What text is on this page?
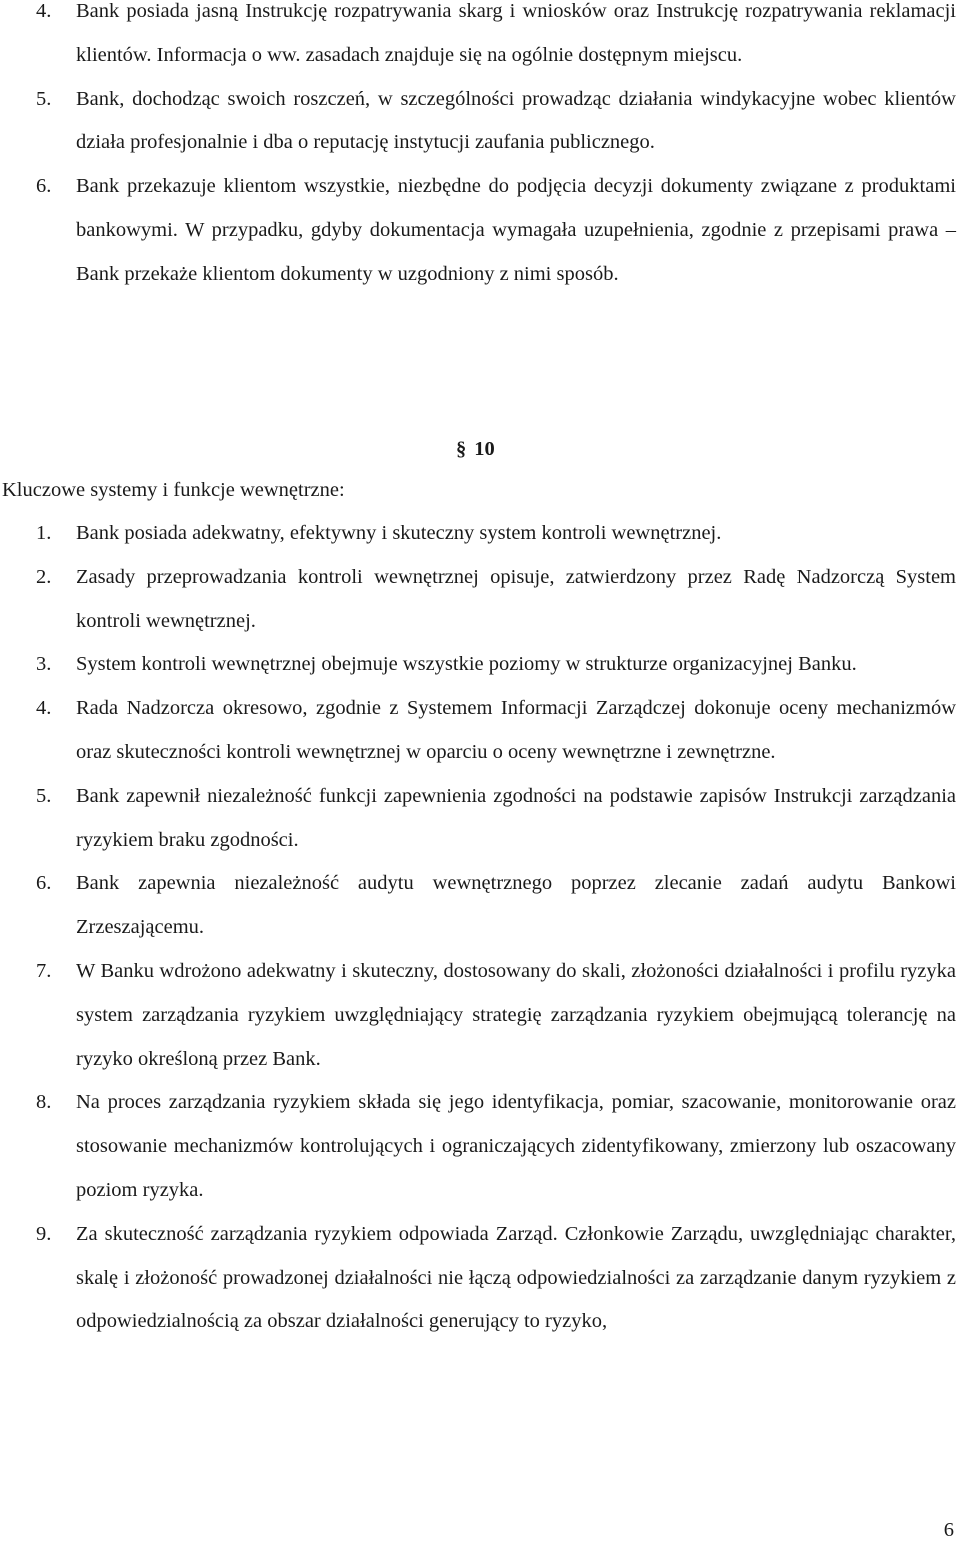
4. Bank posiada jasną Instrukcję rozpatrywania skarg i wniosków oraz Instrukcję rozpatrywania reklamacji klientów. Informacja o ww. zasadach znajduje się na ogólnie dostępnym miejscu.
5. Bank, dochodząc swoich roszczeń, w szczególności prowadząc działania windykacyjne wobec klientów działa profesjonalnie i dba o reputację instytucji zaufania publicznego.
6. Bank przekazuje klientom wszystkie, niezbędne do podjęcia decyzji dokumenty związane z produktami bankowymi. W przypadku, gdyby dokumentacja wymagała uzupełnienia, zgodnie z przepisami prawa – Bank przekaże klientom dokumenty w uzgodniony z nimi sposób.
§ 10
Kluczowe systemy i funkcje wewnętrzne:
1. Bank posiada adekwatny, efektywny i skuteczny system kontroli wewnętrznej.
2. Zasady przeprowadzania kontroli wewnętrznej opisuje, zatwierdzony przez Radę Nadzorczą System kontroli wewnętrznej.
3. System kontroli wewnętrznej obejmuje wszystkie poziomy w strukturze organizacyjnej Banku.
4. Rada Nadzorcza okresowo, zgodnie z Systemem Informacji Zarządczej dokonuje oceny mechanizmów oraz skuteczności kontroli wewnętrznej w oparciu o oceny wewnętrzne i zewnętrzne.
5. Bank zapewnił niezależność funkcji zapewnienia zgodności na podstawie zapisów Instrukcji zarządzania ryzykiem braku zgodności.
6. Bank zapewnia niezależność audytu wewnętrznego poprzez zlecanie zadań audytu Bankowi Zrzeszającemu.
7. W Banku wdrożono adekwatny i skuteczny, dostosowany do skali, złożoności działalności i profilu ryzyka system zarządzania ryzykiem uwzględniający strategię zarządzania ryzykiem obejmującą tolerancję na ryzyko określoną przez Bank.
8. Na proces zarządzania ryzykiem składa się jego identyfikacja, pomiar, szacowanie, monitorowanie oraz stosowanie mechanizmów kontrolujących i ograniczających zidentyfikowany, zmierzony lub oszacowany poziom ryzyka.
9. Za skuteczność zarządzania ryzykiem odpowiada Zarząd. Członkowie Zarządu, uwzględniając charakter, skalę i złożoność prowadzonej działalności nie łączą odpowiedzialności za zarządzanie danym ryzykiem z odpowiedzialnością za obszar działalności generujący to ryzyko,
6
